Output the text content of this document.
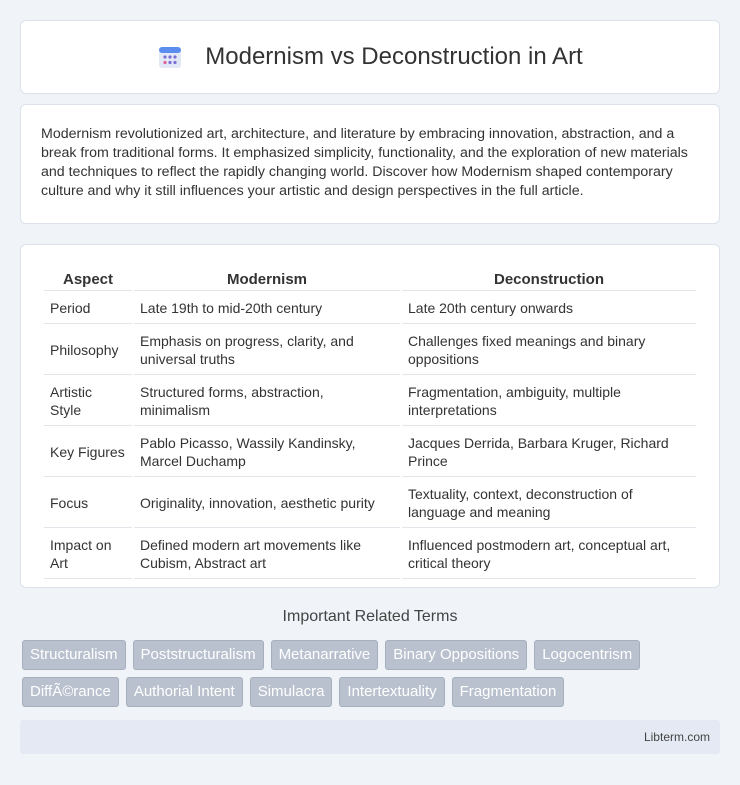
Modernism vs Deconstruction in Art

Modernism revolutionized art, architecture, and literature by embracing innovation, abstraction, and a break from traditional forms. It emphasized simplicity, functionality, and the exploration of new materials and techniques to reflect the rapidly changing world. Discover how Modernism shaped contemporary culture and why it still influences your artistic and design perspectives in the full article.

Aspect	Modernism	Deconstruction
Period	Late 19th to mid-20th century	Late 20th century onwards
Philosophy	Emphasis on progress, clarity, and universal truths	Challenges fixed meanings and binary oppositions
Artistic Style	Structured forms, abstraction, minimalism	Fragmentation, ambiguity, multiple interpretations
Key Figures	Pablo Picasso, Wassily Kandinsky, Marcel Duchamp	Jacques Derrida, Barbara Kruger, Richard Prince
Focus	Originality, innovation, aesthetic purity	Textuality, context, deconstruction of language and meaning
Impact on Art	Defined modern art movements like Cubism, Abstract art	Influenced postmodern art, conceptual art, critical theory
Important Related Terms
Structuralism	Poststructuralism	Metanarrative	Binary Oppositions	Logocentrism
DiffÃ©rance	Authorial Intent	Simulacra	Intertextuality	Fragmentation
Libterm.com
